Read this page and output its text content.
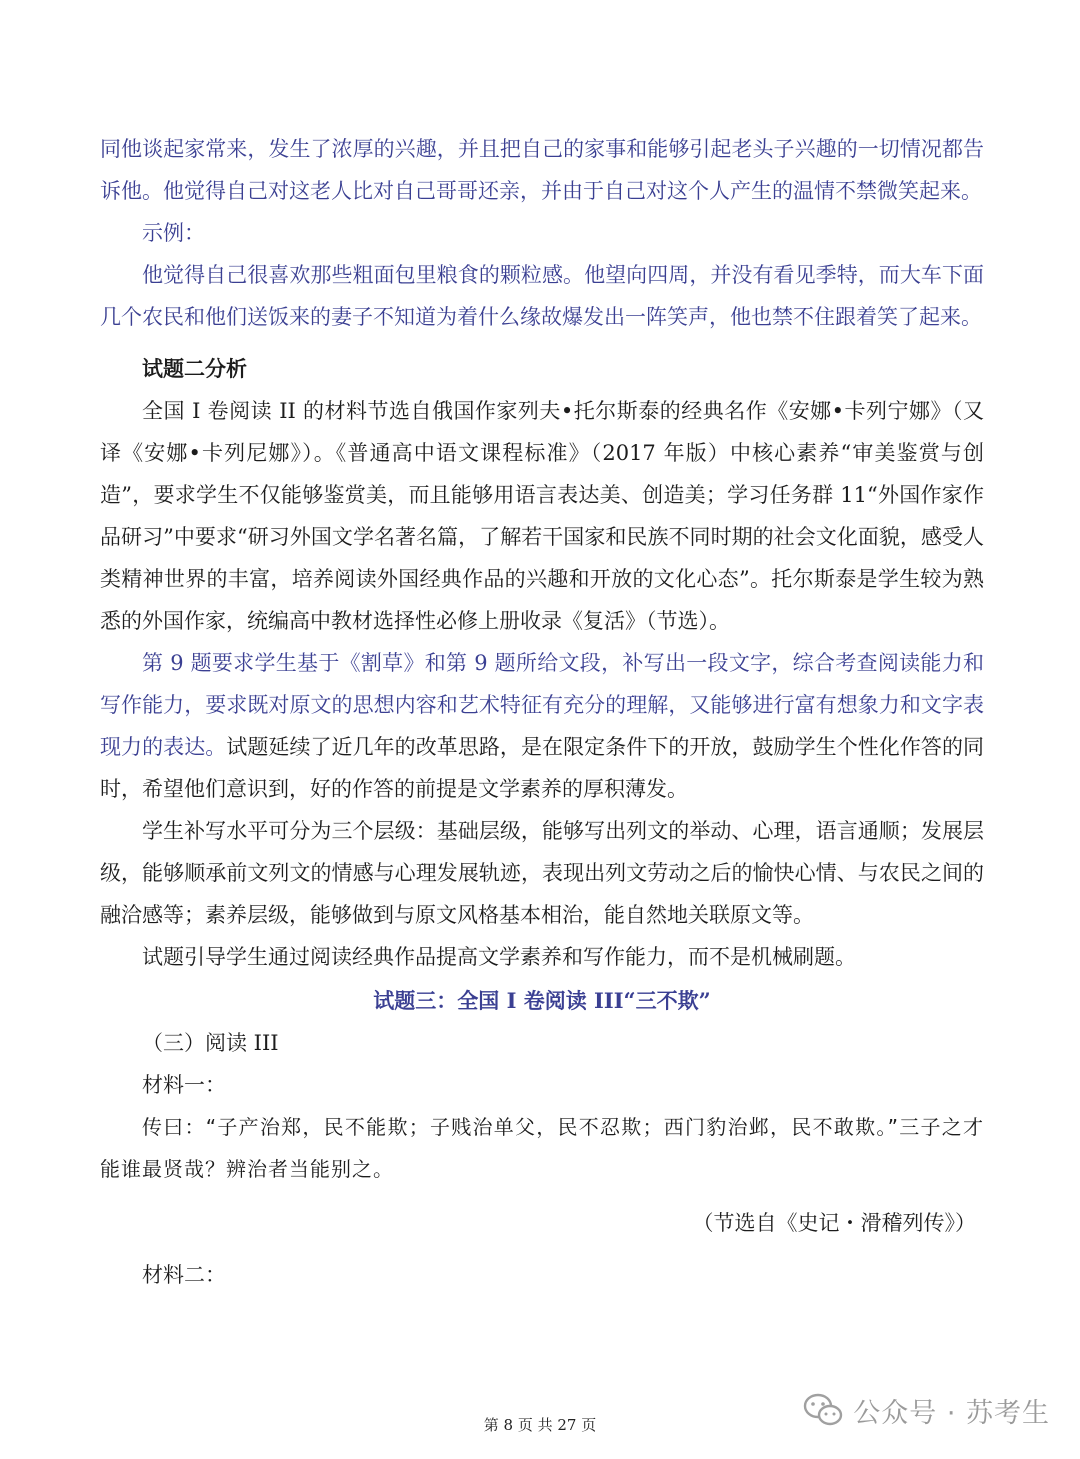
同他谈起家常来，发生了浓厚的兴趣，并且把自己的家事和能够引起老头子兴趣的一切情况都告诉他。他觉得自己对这老人比对自己哥哥还亲，并由于自己对这个人产生的温情不禁微笑起来。

示例：

他觉得自己很喜欢那些粗面包里粮食的颗粒感。他望向四周，并没有看见季特，而大车下面几个农民和他们送饭来的妻子不知道为着什么缘故爆发出一阵笑声，他也禁不住跟着笑了起来。

试题二分析

全国 I 卷阅读 II 的材料节选自俄国作家列夫•托尔斯泰的经典名作《安娜•卡列宁娜》（又译《安娜•卡列尼娜》）。《普通高中语文课程标准》（2017 年版）中核心素养“审美鉴赏与创造”，要求学生不仅能够鉴赏美，而且能够用语言表达美、创造美；学习任务群 11“外国作家作品研习”中要求“研习外国文学名著名篇，了解若干国家和民族不同时期的社会文化面貌，感受人类精神世界的丰富，培养阅读外国经典作品的兴趣和开放的文化心态”。托尔斯泰是学生较为熟悉的外国作家，统编高中教材选择性必修上册收录《复活》（节选）。

第 9 题要求学生基于《割草》和第 9 题所给文段，补写出一段文字，综合考查阅读能力和写作能力，要求既对原文的思想内容和艺术特征有充分的理解，又能够进行富有想象力和文字表现力的表达。试题延续了近几年的改革思路，是在限定条件下的开放，鼓励学生个性化作答的同时，希望他们意识到，好的作答的前提是文学素养的厚积薄发。

学生补写水平可分为三个层级：基础层级，能够写出列文的举动、心理，语言通顺；发展层级，能够顺承前文列文的情感与心理发展轨迹，表现出列文劳动之后的愉快心情、与农民之间的融洽感等；素养层级，能够做到与原文风格基本相治，能自然地关联原文等。

试题引导学生通过阅读经典作品提高文学素养和写作能力，而不是机械刷题。

试题三：全国 I 卷阅读 III“三不欺”

（三）阅读 III

材料一：

传曰：“子产治郑，民不能欺；子贱治单父，民不忍欺；西门豹治邺，民不敢欺。”三子之才能谁最贤哉？辨治者当能别之。

（节选自《史记・滑稽列传》）

材料二：

第 8 页 共 27 页	公众号 · 苏考生
